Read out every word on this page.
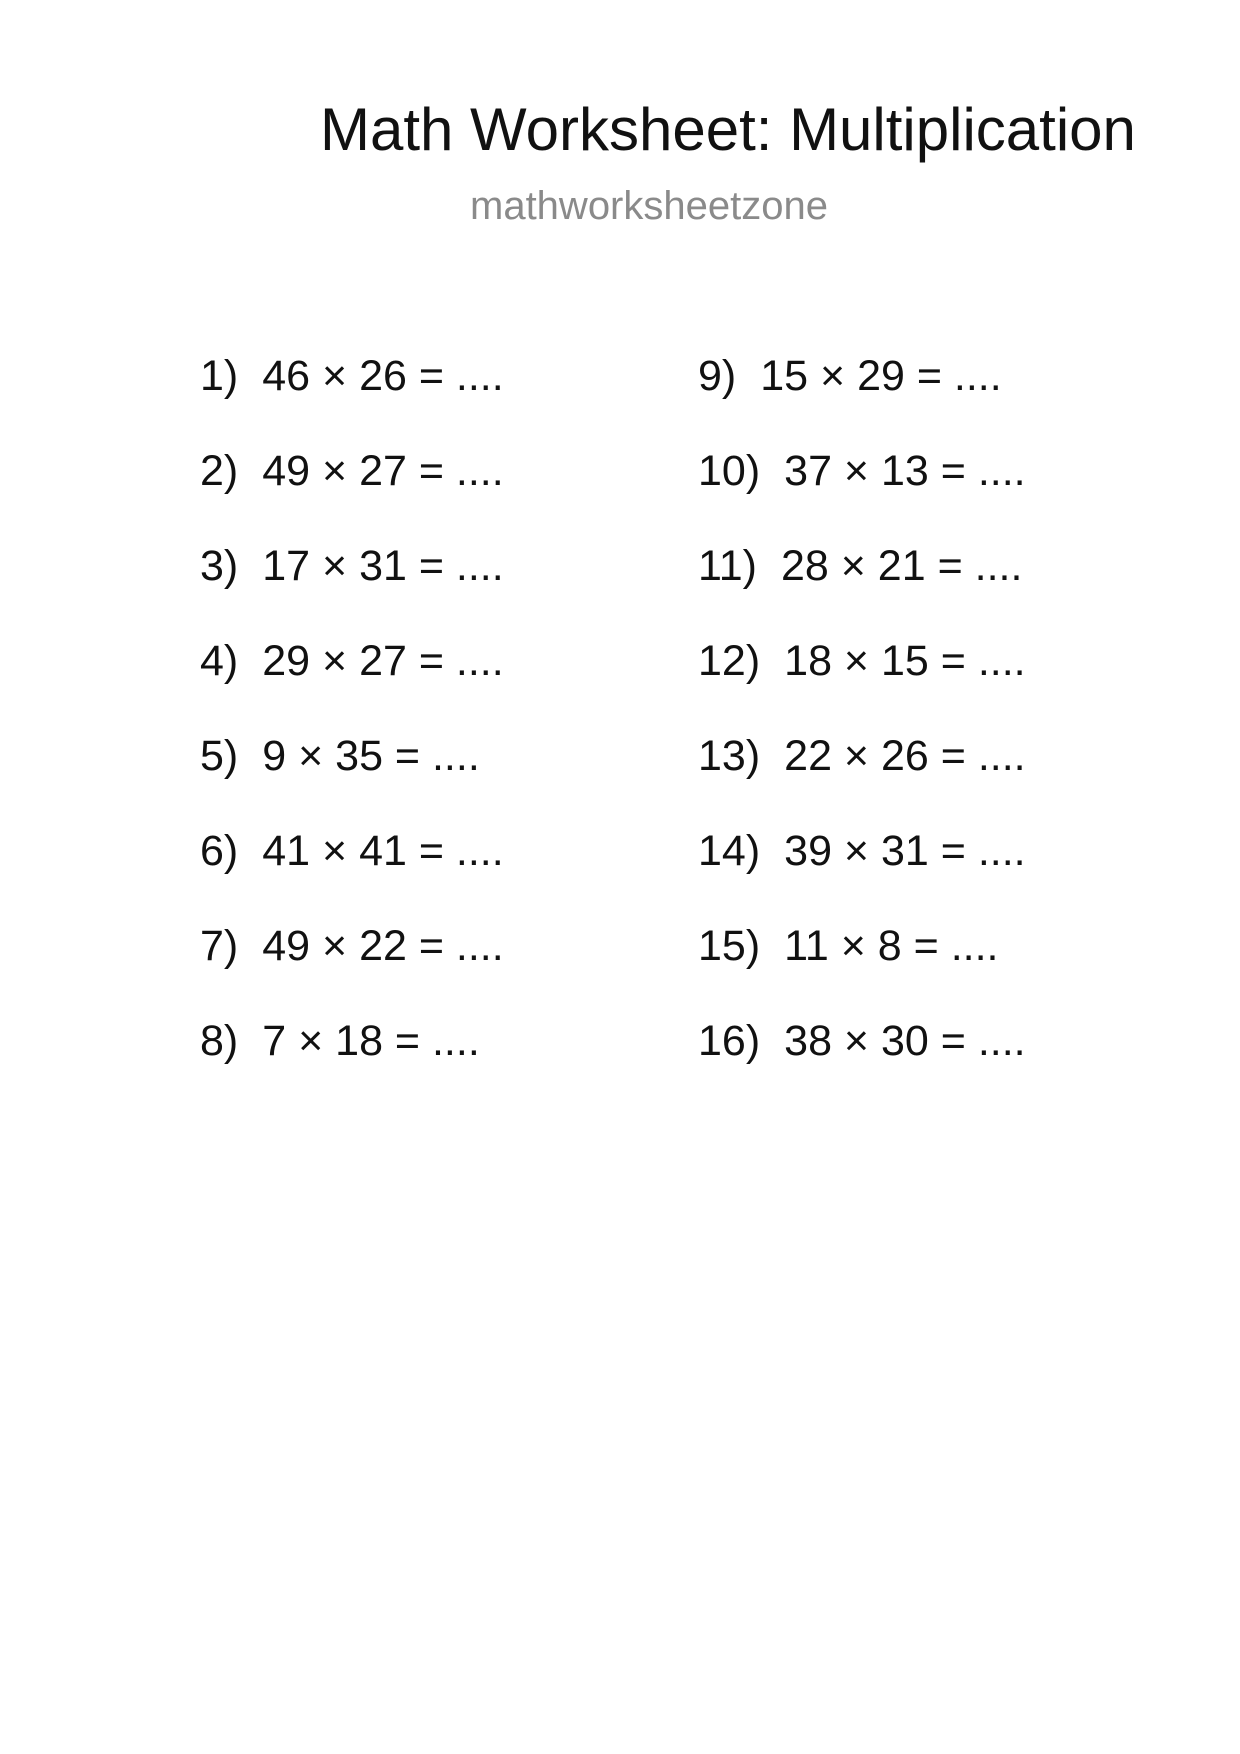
Math Worksheet: Multiplication
mathworksheetzone
1) 46 × 26 = ....
2) 49 × 27 = ....
3) 17 × 31 = ....
4) 29 × 27 = ....
5) 9 × 35 = ....
6) 41 × 41 = ....
7) 49 × 22 = ....
8) 7 × 18 = ....
9) 15 × 29 = ....
10) 37 × 13 = ....
11) 28 × 21 = ....
12) 18 × 15 = ....
13) 22 × 26 = ....
14) 39 × 31 = ....
15) 11 × 8 = ....
16) 38 × 30 = ....
